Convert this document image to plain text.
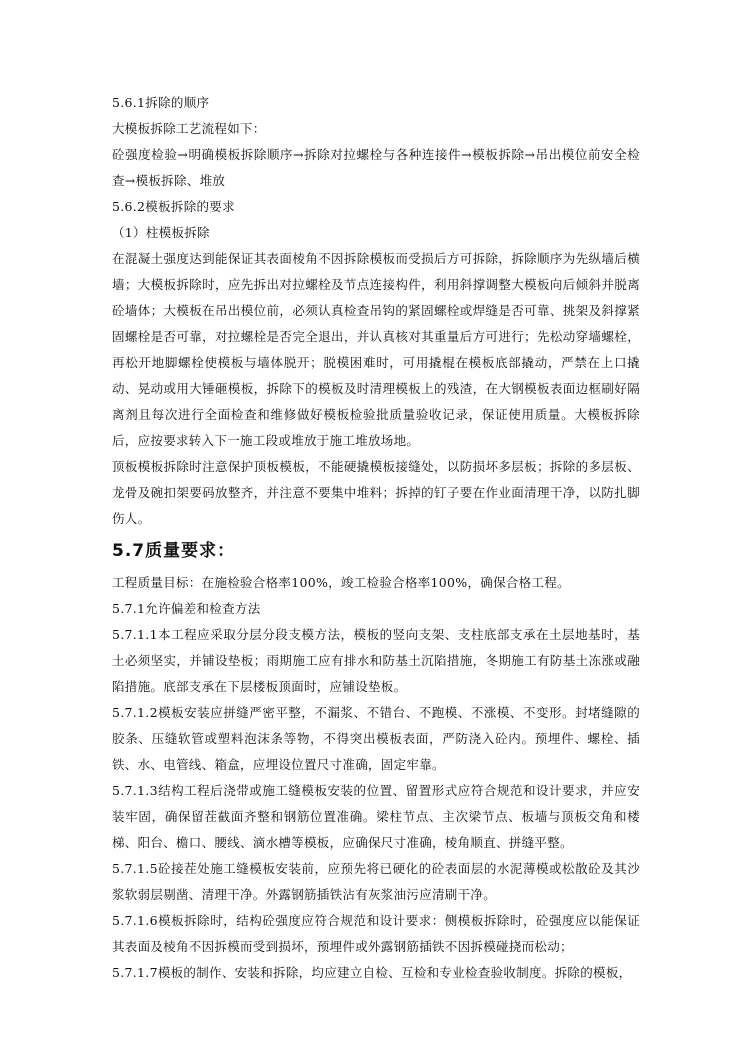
5.6.1拆除的顺序

大模板拆除工艺流程如下：

砼强度检验→明确模板拆除顺序→拆除对拉螺栓与各种连接件→模板拆除→吊出模位前安全检查→模板拆除、堆放

5.6.2模板拆除的要求

（1）柱模板拆除

在混凝土强度达到能保证其表面棱角不因拆除模板而受损后方可拆除，拆除顺序为先纵墙后横墙；大模板拆除时，应先拆出对拉螺栓及节点连接构件，利用斜撑调整大模板向后倾斜并脱离砼墙体；大模板在吊出模位前，必须认真检查吊钩的紧固螺栓或焊缝是否可靠、挑架及斜撑紧固螺栓是否可靠，对拉螺栓是否完全退出，并认真核对其重量后方可进行；先松动穿墙螺栓，再松开地脚螺栓使模板与墙体脱开；脱模困难时，可用撬棍在模板底部撬动，严禁在上口撬动、晃动或用大锤砸模板，拆除下的模板及时清理模板上的残渣，在大钢模板表面边框刷好隔离剂且每次进行全面检查和维修做好模板检验批质量验收记录，保证使用质量。大模板拆除后，应按要求转入下一施工段或堆放于施工堆放场地。

顶板模板拆除时注意保护顶板模板，不能硬撬模板接缝处，以防损坏多层板；拆除的多层板、龙骨及碗扣架要码放整齐，并注意不要集中堆料；拆掉的钉子要在作业面清理干净，以防扎脚伤人。

5.7质量要求：

工程质量目标：在施检验合格率100%，竣工检验合格率100%，确保合格工程。

5.7.1允许偏差和检查方法

5.7.1.1本工程应采取分层分段支模方法，模板的竖向支架、支柱底部支承在土层地基时，基土必须坚实，并铺设垫板；雨期施工应有排水和防基土沉陷措施，冬期施工有防基土冻涨或融陷措施。底部支承在下层楼板顶面时，应铺设垫板。

5.7.1.2模板安装应拼缝严密平整，不漏浆、不错台、不跑模、不涨模、不变形。封堵缝隙的胶条、压缝软管或塑料泡沫条等物，不得突出模板表面，严防浇入砼内。预埋件、螺栓、插铁、水、电管线、箱盒，应埋设位置尺寸准确，固定牢靠。

5.7.1.3结构工程后浇带或施工缝模板安装的位置、留置形式应符合规范和设计要求，并应安装牢固，确保留茬截面齐整和钢筋位置准确。梁柱节点、主次梁节点、板墙与顶板交角和楼梯、阳台、檐口、腰线、滴水槽等模板，应确保尺寸准确，棱角顺直、拼缝平整。

5.7.1.5砼接茬处施工缝模板安装前，应预先将已硬化的砼表面层的水泥薄模或松散砼及其沙浆软弱层剔凿、清理干净。外露钢筋插铁沾有灰浆油污应清刷干净。

5.7.1.6模板拆除时，结构砼强度应符合规范和设计要求：侧模板拆除时，砼强度应以能保证其表面及棱角不因拆模而受到损坏，预埋件或外露钢筋插铁不因拆模碰挠而松动；

5.7.1.7模板的制作、安装和拆除，均应建立自检、互检和专业检查验收制度。拆除的模板，
